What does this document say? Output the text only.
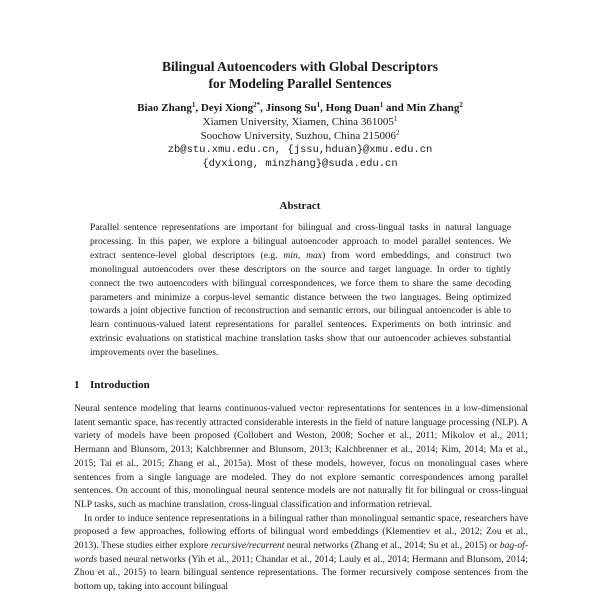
Bilingual Autoencoders with Global Descriptors
for Modeling Parallel Sentences
Biao Zhang$^1$, Deyi Xiong$^{2*}$, Jinsong Su$^1$, Hong Duan$^1$ and Min Zhang$^2$
Xiamen University, Xiamen, China 361005$^1$
Soochow University, Suzhou, China 215006$^2$
zb@stu.xmu.edu.cn, {jssu,hduan}@xmu.edu.cn
{dyxiong, minzhang}@suda.edu.cn
Abstract
Parallel sentence representations are important for bilingual and cross-lingual tasks in natural language processing. In this paper, we explore a bilingual autoencoder approach to model parallel sentences. We extract sentence-level global descriptors (e.g. min, max) from word embeddings, and construct two monolingual autoencoders over these descriptors on the source and target language. In order to tightly connect the two autoencoders with bilingual correspondences, we force them to share the same decoding parameters and minimize a corpus-level semantic distance between the two languages. Being optimized towards a joint objective function of reconstruction and semantic errors, our bilingual antoencoder is able to learn continuous-valued latent representations for parallel sentences. Experiments on both intrinsic and extrinsic evaluations on statistical machine translation tasks show that our autoencoder achieves substantial improvements over the baselines.
1 Introduction

Neural sentence modeling that learns continuous-valued vector representations for sentences in a low-dimensional latent semantic space, has recently attracted considerable interests in the field of nature language processing (NLP). A variety of models have been proposed (Collobert and Weston, 2008; Socher et al., 2011; Mikolov et al., 2011; Hermann and Blunsom, 2013; Kalchbrenner and Blunsom, 2013; Kalchbrenner et al., 2014; Kim, 2014; Ma et al., 2015; Tai et al., 2015; Zhang et al., 2015a). Most of these models, however, focus on monolingual cases where sentences from a single language are modeled. They do not explore semantic correspondences among parallel sentences. On account of this, monolingual neural sentence models are not naturally fit for bilingual or cross-lingual NLP tasks, such as machine translation, cross-lingual classification and information retrieval.

In order to induce sentence representations in a bilingual rather than monolingual semantic space, researchers have proposed a few approaches, following efforts of bilingual word embeddings (Klementiev et al., 2012; Zou et al., 2013). These studies either explore recursive/recurrent neural networks (Zhang et al., 2014; Su et al., 2015) or bag-of-words based neural networks (Yih et al., 2011; Chandar et al., 2014; Lauly et al., 2014; Hermann and Blunsom, 2014; Zhou et al., 2015) to learn bilingual sentence representations. The former recursively compose sentences from the bottom up, taking into account bilingual
